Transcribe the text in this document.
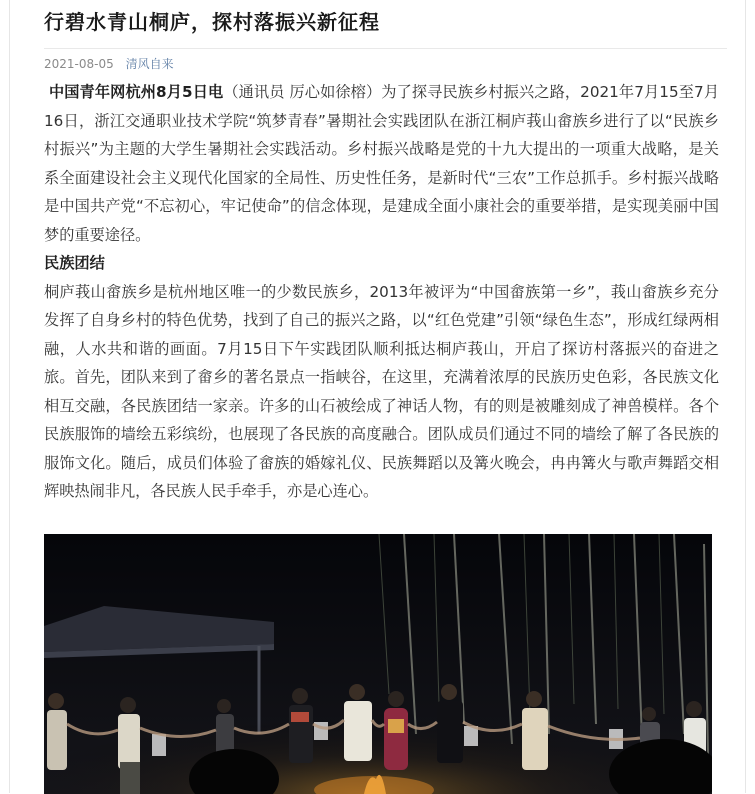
行碧水青山桐庐，探村落振兴新征程
2021-08-05 清风自来

中国青年网杭州8月5日电（通讯员 厉心如徐榕）为了探寻民族乡村振兴之路，2021年7月15至7月16日，浙江交通职业技术学院“筑梦青春”暑期社会实践团队在浙江桐庐莪山畲族乡进行了以“民族乡村振兴”为主题的大学生暑期社会实践活动。乡村振兴战略是党的十九大提出的一项重大战略，是关系全面建设社会主义现代化国家的全局性、历史性任务，是新时代“三农”工作总抓手。乡村振兴战略是中国共产党“不忘初心，牢记使命”的信念体现，是建成全面小康社会的重要举措，是实现美丽中国梦的重要途径。

民族团结

桐庐莪山畲族乡是杭州地区唯一的少数民族乡，2013年被评为“中国畲族第一乡”，莪山畲族乡充分发挥了自身乡村的特色优势，找到了自己的振兴之路，以“红色党建”引领“绿色生态”，形成红绿两相融，人水共和谐的画面。7月15日下午实践团队顺利抵达桐庐莪山，开启了探访村落振兴的奋进之旅。首先，团队来到了畲乡的著名景点一指峡谷，在这里，充满着浓厚的民族历史色彩，各民族文化相互交融，各民族团结一家亲。许多的山石被绘成了神话人物，有的则是被雕刻成了神兽模样。各个民族服饰的墙绘五彩缤纷，也展现了各民族的高度融合。团队成员们通过不同的墙绘了解了各民族的服饰文化。随后，成员们体验了畲族的婚嫁礼仪、民族舞蹈以及篝火晚会，冉冉篝火与歌声舞蹈交相辉映热闹非凡，各民族人民手牵手，亦是心连心。
